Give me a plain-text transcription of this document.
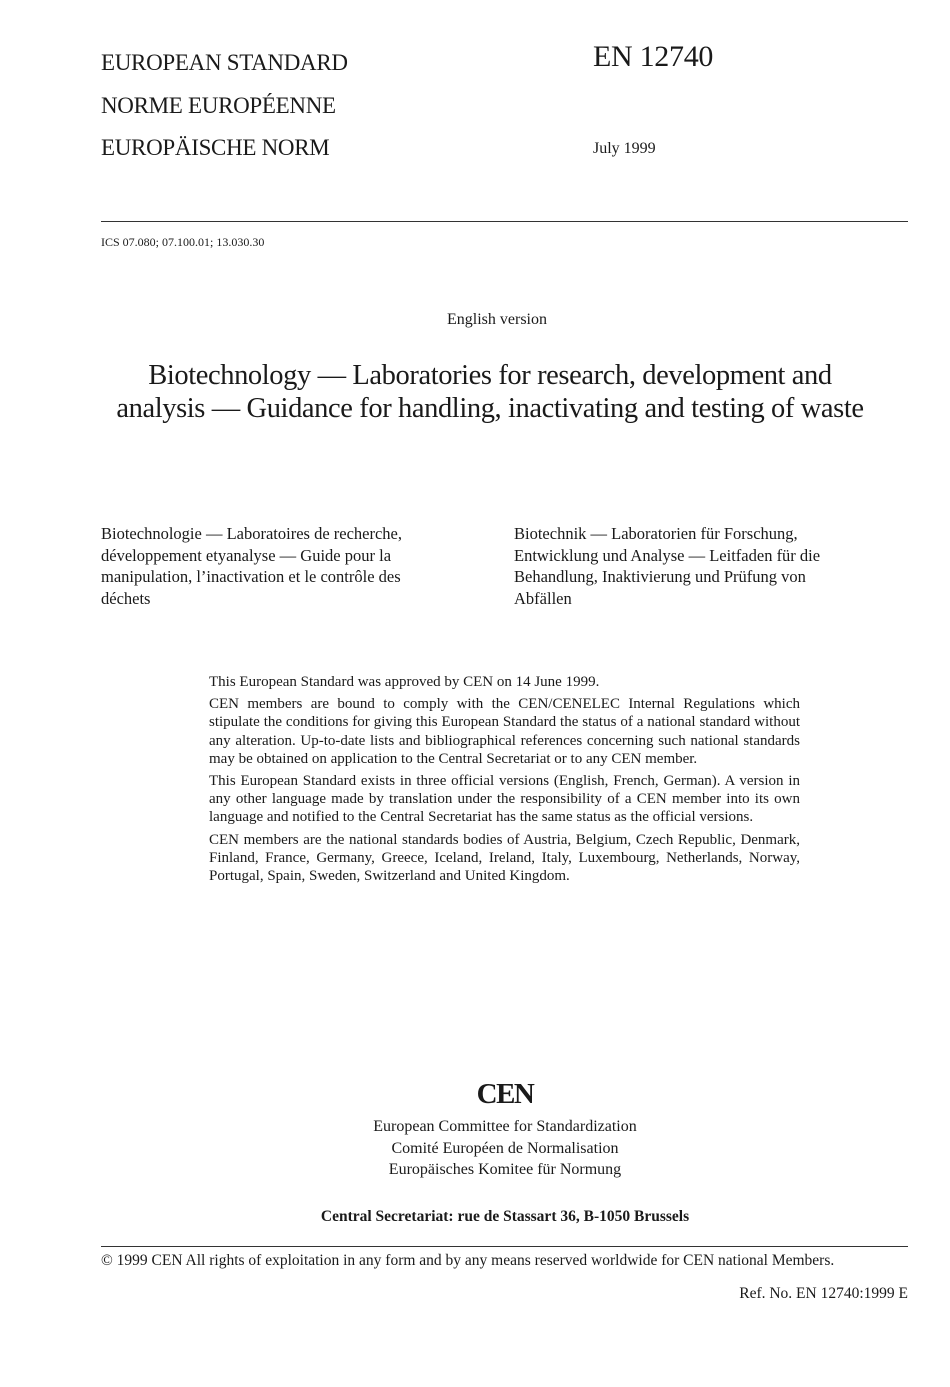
EUROPEAN STANDARD
NORME EUROPÉENNE
EUROPÄISCHE NORM
EN 12740
July 1999
ICS 07.080; 07.100.01; 13.030.30
English version
Biotechnology — Laboratories for research, development and
analysis — Guidance for handling, inactivating and testing of waste
Biotechnologie — Laboratoires de recherche,
développement etyanalyse — Guide pour la
manipulation, l’inactivation et le contrôle des
déchets
Biotechnik — Laboratorien für Forschung,
Entwicklung und Analyse — Leitfaden für die
Behandlung, Inaktivierung und Prüfung von
Abfällen

This European Standard was approved by CEN on 14 June 1999.

CEN members are bound to comply with the CEN/CENELEC Internal Regulations which stipulate the conditions for giving this European Standard the status of a national standard without any alteration. Up-to-date lists and bibliographical references concerning such national standards may be obtained on application to the Central Secretariat or to any CEN member.

This European Standard exists in three official versions (English, French, German). A version in any other language made by translation under the responsibility of a CEN member into its own language and notified to the Central Secretariat has the same status as the official versions.

CEN members are the national standards bodies of Austria, Belgium, Czech Republic, Denmark, Finland, France, Germany, Greece, Iceland, Ireland, Italy, Luxembourg, Netherlands, Norway, Portugal, Spain, Sweden, Switzerland and United Kingdom.

CEN
European Committee for Standardization
Comité Européen de Normalisation
Europäisches Komitee für Normung
Central Secretariat: rue de Stassart 36, B-1050 Brussels
© 1999 CEN All rights of exploitation in any form and by any means reserved worldwide for CEN national Members.
Ref. No. EN 12740:1999 E
